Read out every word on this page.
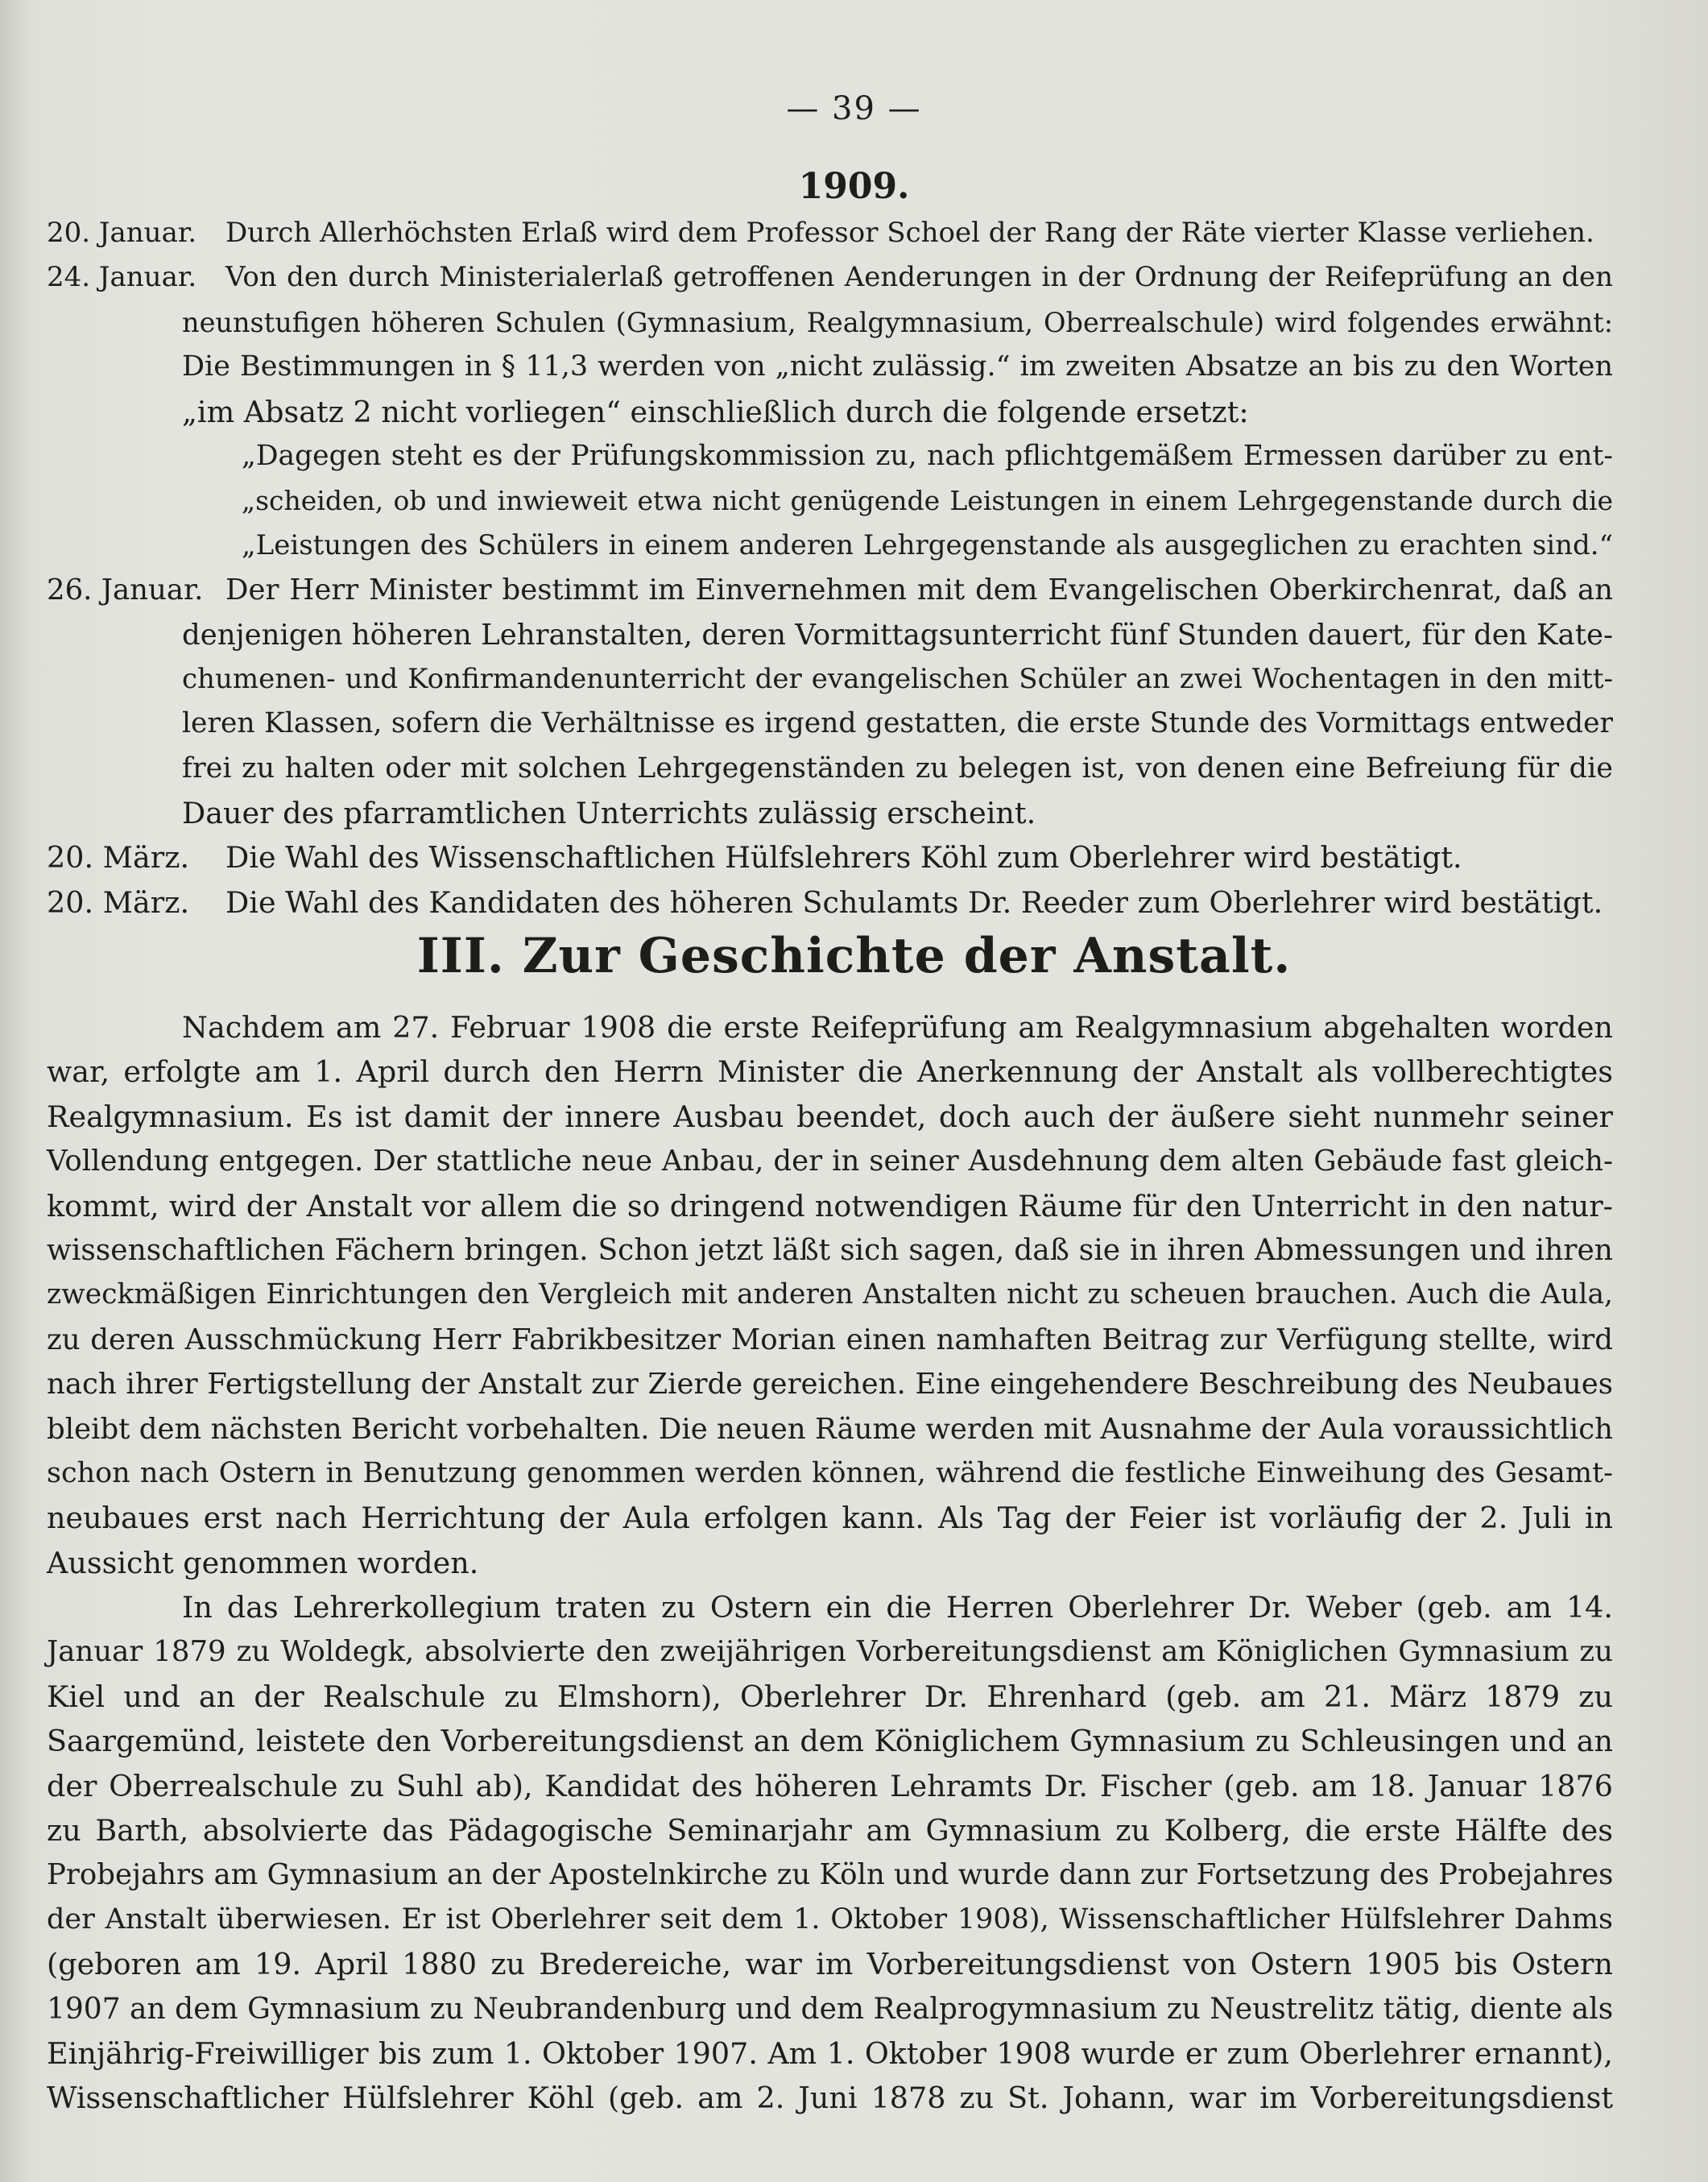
— 39 —
1909.
20. Januar. Durch Allerhöchsten Erlaß wird dem Professor Schoel der Rang der Räte vierter Klasse verliehen.
24. Januar. Von den durch Ministerialerlaß getroffenen Aenderungen in der Ordnung der Reifeprüfung an den
neunstufigen höheren Schulen (Gymnasium, Realgymnasium, Oberrealschule) wird folgendes erwähnt:
Die Bestimmungen in § 11,3 werden von „nicht zulässig.“ im zweiten Absatze an bis zu den Worten
„im Absatz 2 nicht vorliegen“ einschließlich durch die folgende ersetzt:
„Dagegen steht es der Prüfungskommission zu, nach pflichtgemäßem Ermessen darüber zu ent-
„scheiden, ob und inwieweit etwa nicht genügende Leistungen in einem Lehrgegenstande durch die
„Leistungen des Schülers in einem anderen Lehrgegenstande als ausgeglichen zu erachten sind.“
26. Januar. Der Herr Minister bestimmt im Einvernehmen mit dem Evangelischen Oberkirchenrat, daß an
denjenigen höheren Lehranstalten, deren Vormittagsunterricht fünf Stunden dauert, für den Kate-
chumenen- und Konfirmandenunterricht der evangelischen Schüler an zwei Wochentagen in den mitt-
leren Klassen, sofern die Verhältnisse es irgend gestatten, die erste Stunde des Vormittags entweder
frei zu halten oder mit solchen Lehrgegenständen zu belegen ist, von denen eine Befreiung für die
Dauer des pfarramtlichen Unterrichts zulässig erscheint.
20. März. Die Wahl des Wissenschaftlichen Hülfslehrers Köhl zum Oberlehrer wird bestätigt.
20. März. Die Wahl des Kandidaten des höheren Schulamts Dr. Reeder zum Oberlehrer wird bestätigt.
III. Zur Geschichte der Anstalt.
Nachdem am 27. Februar 1908 die erste Reifeprüfung am Realgymnasium abgehalten worden
war, erfolgte am 1. April durch den Herrn Minister die Anerkennung der Anstalt als vollberechtigtes
Realgymnasium. Es ist damit der innere Ausbau beendet, doch auch der äußere sieht nunmehr seiner
Vollendung entgegen. Der stattliche neue Anbau, der in seiner Ausdehnung dem alten Gebäude fast gleich-
kommt, wird der Anstalt vor allem die so dringend notwendigen Räume für den Unterricht in den natur-
wissenschaftlichen Fächern bringen. Schon jetzt läßt sich sagen, daß sie in ihren Abmessungen und ihren
zweckmäßigen Einrichtungen den Vergleich mit anderen Anstalten nicht zu scheuen brauchen. Auch die Aula,
zu deren Ausschmückung Herr Fabrikbesitzer Morian einen namhaften Beitrag zur Verfügung stellte, wird
nach ihrer Fertigstellung der Anstalt zur Zierde gereichen. Eine eingehendere Beschreibung des Neubaues
bleibt dem nächsten Bericht vorbehalten. Die neuen Räume werden mit Ausnahme der Aula voraussichtlich
schon nach Ostern in Benutzung genommen werden können, während die festliche Einweihung des Gesamt-
neubaues erst nach Herrichtung der Aula erfolgen kann. Als Tag der Feier ist vorläufig der 2. Juli in
Aussicht genommen worden.
In das Lehrerkollegium traten zu Ostern ein die Herren Oberlehrer Dr. Weber (geb. am 14.
Januar 1879 zu Woldegk, absolvierte den zweijährigen Vorbereitungsdienst am Königlichen Gymnasium zu
Kiel und an der Realschule zu Elmshorn), Oberlehrer Dr. Ehrenhard (geb. am 21. März 1879 zu
Saargemünd, leistete den Vorbereitungsdienst an dem Königlichem Gymnasium zu Schleusingen und an
der Oberrealschule zu Suhl ab), Kandidat des höheren Lehramts Dr. Fischer (geb. am 18. Januar 1876
zu Barth, absolvierte das Pädagogische Seminarjahr am Gymnasium zu Kolberg, die erste Hälfte des
Probejahrs am Gymnasium an der Apostelnkirche zu Köln und wurde dann zur Fortsetzung des Probejahres
der Anstalt überwiesen. Er ist Oberlehrer seit dem 1. Oktober 1908), Wissenschaftlicher Hülfslehrer Dahms
(geboren am 19. April 1880 zu Bredereiche, war im Vorbereitungsdienst von Ostern 1905 bis Ostern
1907 an dem Gymnasium zu Neubrandenburg und dem Realprogymnasium zu Neustrelitz tätig, diente als
Einjährig-Freiwilliger bis zum 1. Oktober 1907. Am 1. Oktober 1908 wurde er zum Oberlehrer ernannt),
Wissenschaftlicher Hülfslehrer Köhl (geb. am 2. Juni 1878 zu St. Johann, war im Vorbereitungsdienst
